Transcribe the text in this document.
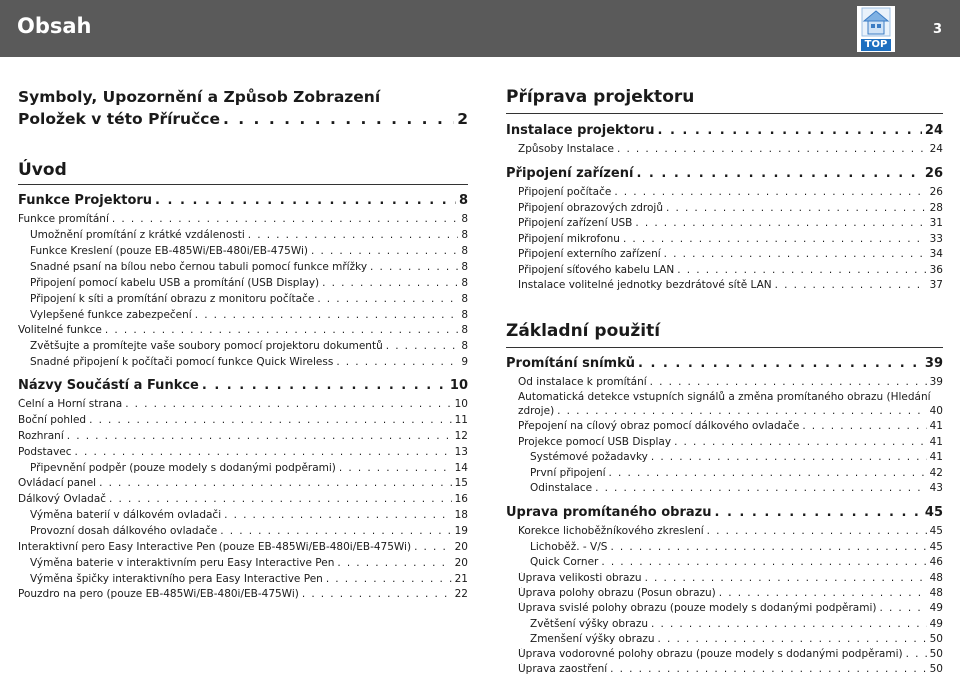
Obsah
TOP
3
Symboly, Upozornění a Způsob Zobrazení
Položek v této Příručce . . .	2
Úvod
Funkce Projektoru . . .	8
Funkce promítání . . .	8
Umožnění promítání z krátké vzdálenosti . . .	8
Funkce Kreslení (pouze EB-485Wi/EB-480i/EB-475Wi) . . .	8
Snadné psaní na bílou nebo černou tabuli pomocí funkce mřížky . . .	8
Připojení pomocí kabelu USB a promítání (USB Display) . . .	8
Připojení k síti a promítání obrazu z monitoru počítače . . .	8
Vylepšené funkce zabezpečení . . .	8
Volitelné funkce . . .	8
Zvětšujte a promítejte vaše soubory pomocí projektoru dokumentů . . .	8
Snadné připojení k počítači pomocí funkce Quick Wireless . . .	9
Názvy Součástí a Funkce . . .	10
Čelní a Horní strana . . .	10
Boční pohled . . .	11
Rozhraní . . .	12
Podstavec . . .	13
Připevnění podpěr (pouze modely s dodanými podpěrami) . . .	14
Ovládací panel . . .	15
Dálkový Ovladač . . .	16
Výměna baterií v dálkovém ovladači . . .	18
Provozní dosah dálkového ovladače . . .	19
Interaktivní pero Easy Interactive Pen (pouze EB-485Wi/EB-480i/EB-475Wi) . . .	20
Výměna baterie v interaktivním peru Easy Interactive Pen . . .	20
Výměna špičky interaktivního pera Easy Interactive Pen . . .	21
Pouzdro na pero (pouze EB-485Wi/EB-480i/EB-475Wi) . . .	22
Příprava projektoru
Instalace projektoru . . .	24
Způsoby Instalace . . .	24
Připojení zařízení . . .	26
Připojení počítače . . .	26
Připojení obrazových zdrojů . . .	28
Připojení zařízení USB . . .	31
Připojení mikrofonu . . .	33
Připojení externího zařízení . . .	34
Připojení síťového kabelu LAN . . .	36
Instalace volitelné jednotky bezdrátové sítě LAN . . .	37
Základní použití
Promítání snímků . . .	39
Od instalace k promítání . . .	39
Automatická detekce vstupních signálů a změna promítaného obrazu (Hledání
zdroje) . . .	40
Přepojení na cílový obraz pomocí dálkového ovladače . . .	41
Projekce pomocí USB Display . . .	41
Systémové požadavky . . .	41
První připojení . . .	42
Odinstalace . . .	43
Úprava promítaného obrazu . . .	45
Korekce lichoběžníkového zkreslení . . .	45
Lichoběž. - V/S . . .	45
Quick Corner . . .	46
Úprava velikosti obrazu . . .	48
Úprava polohy obrazu (Posun obrazu) . . .	48
Úprava svislé polohy obrazu (pouze modely s dodanými podpěrami) . . .	49
Zvětšení výšky obrazu . . .	49
Zmenšení výšky obrazu . . .	50
Úprava vodorovné polohy obrazu (pouze modely s dodanými podpěrami) . . .	50
Úprava zaostření . . .	50
